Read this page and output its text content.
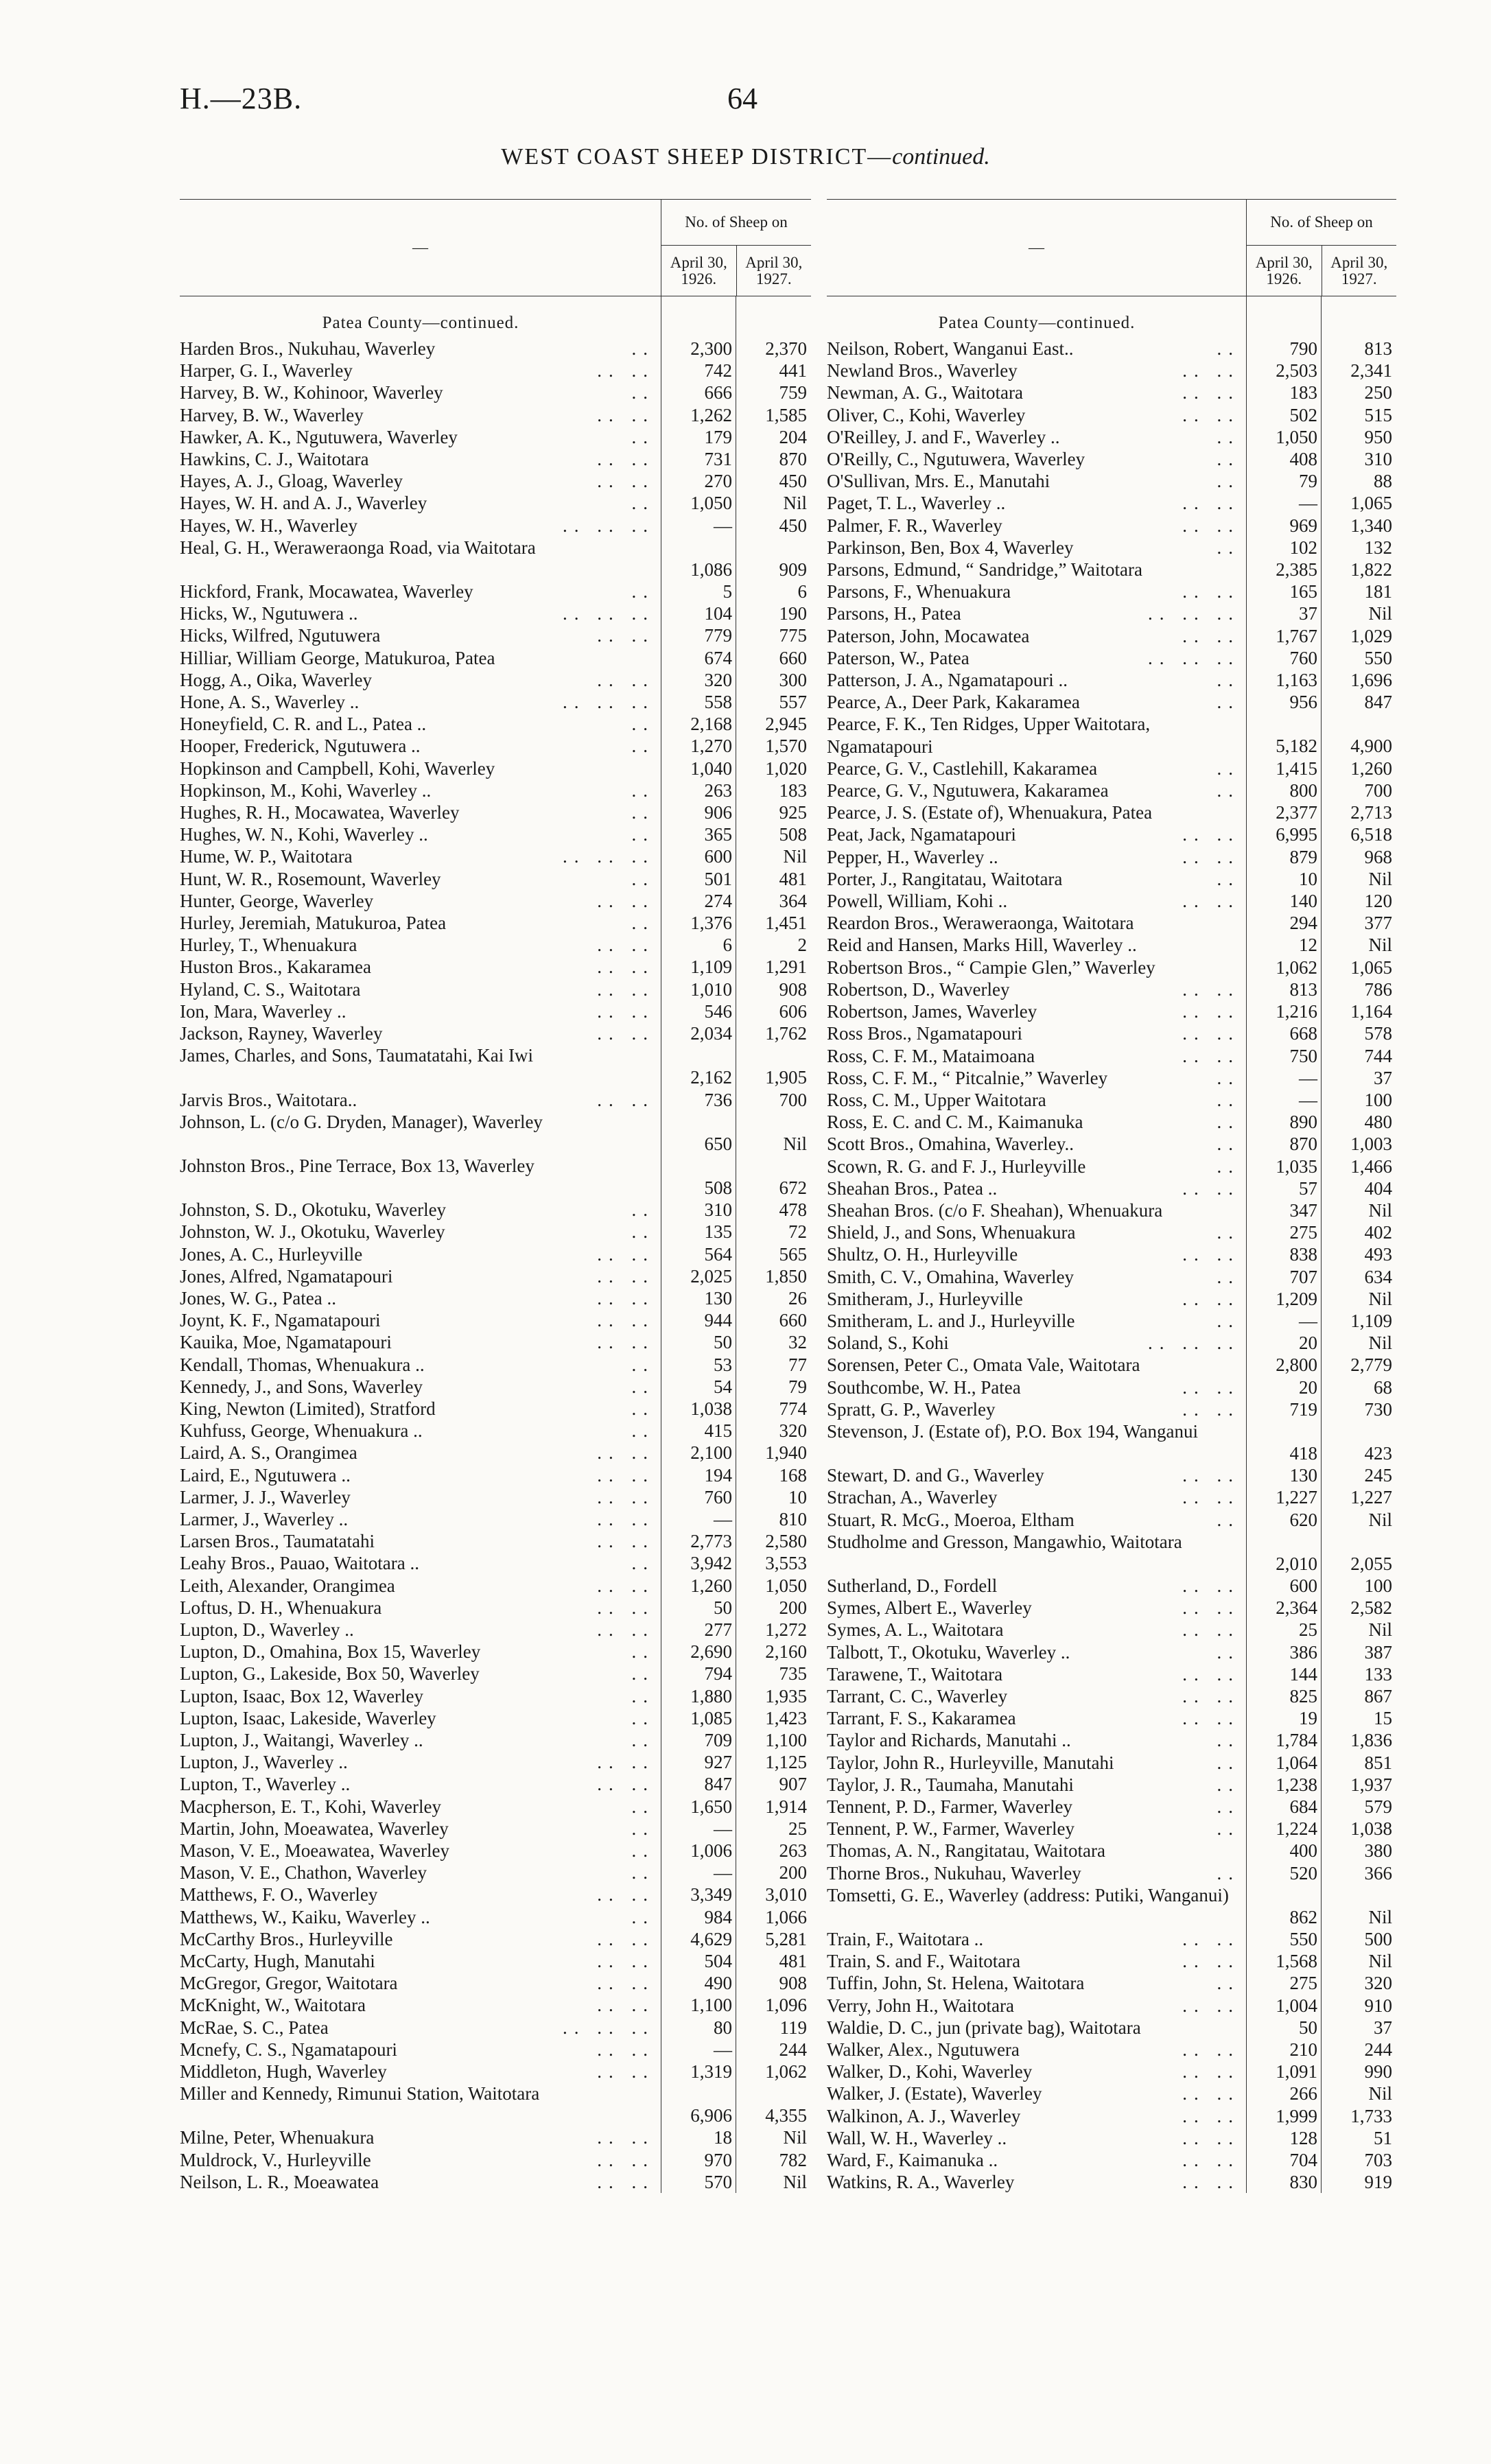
H.—23B.	64
WEST COAST SHEEP DISTRICT—continued.
—
No. of Sheep on
April 30, 1926.
April 30, 1927.
Patea County—continued.
Harden Bros., Nukuhau, Waverley	..	2,300	2,370
Harper, G. I., Waverley	.. ..	742	441
Harvey, B. W., Kohinoor, Waverley	..	666	759
Harvey, B. W., Waverley	.. ..	1,262	1,585
Hawker, A. K., Ngutuwera, Waverley	..	179	204
Hawkins, C. J., Waitotara	.. ..	731	870
Hayes, A. J., Gloag, Waverley	.. ..	270	450
Hayes, W. H. and A. J., Waverley	..	1,050	Nil
Hayes, W. H., Waverley	.. .. ..	—	450
Heal, G. H., Weraweraonga Road, via Waitotara
1,086	909
Hickford, Frank, Mocawatea, Waverley	..	5	6
Hicks, W., Ngutuwera ..	.. .. ..	104	190
Hicks, Wilfred, Ngutuwera	.. ..	779	775
Hilliar, William George, Matukuroa, Patea	674	660
Hogg, A., Oika, Waverley	.. ..	320	300
Hone, A. S., Waverley ..	.. .. ..	558	557
Honeyfield, C. R. and L., Patea ..	..	2,168	2,945
Hooper, Frederick, Ngutuwera ..	..	1,270	1,570
Hopkinson and Campbell, Kohi, Waverley	1,040	1,020
Hopkinson, M., Kohi, Waverley ..	..	263	183
Hughes, R. H., Mocawatea, Waverley	..	906	925
Hughes, W. N., Kohi, Waverley ..	..	365	508
Hume, W. P., Waitotara	.. .. ..	600	Nil
Hunt, W. R., Rosemount, Waverley	..	501	481
Hunter, George, Waverley	.. ..	274	364
Hurley, Jeremiah, Matukuroa, Patea	..	1,376	1,451
Hurley, T., Whenuakura	.. ..	6	2
Huston Bros., Kakaramea	.. ..	1,109	1,291
Hyland, C. S., Waitotara	.. ..	1,010	908
Ion, Mara, Waverley ..	.. ..	546	606
Jackson, Rayney, Waverley	.. ..	2,034	1,762
James, Charles, and Sons, Taumatatahi, Kai Iwi
2,162	1,905
Jarvis Bros., Waitotara..	.. ..	736	700
Johnson, L. (c/o G. Dryden, Manager), Waverley
650	Nil
Johnston Bros., Pine Terrace, Box 13, Waverley
508	672
Johnston, S. D., Okotuku, Waverley	..	310	478
Johnston, W. J., Okotuku, Waverley	..	135	72
Jones, A. C., Hurleyville	.. ..	564	565
Jones, Alfred, Ngamatapouri	.. ..	2,025	1,850
Jones, W. G., Patea ..	.. ..	130	26
Joynt, K. F., Ngamatapouri	.. ..	944	660
Kauika, Moe, Ngamatapouri	.. ..	50	32
Kendall, Thomas, Whenuakura ..	..	53	77
Kennedy, J., and Sons, Waverley	..	54	79
King, Newton (Limited), Stratford	..	1,038	774
Kuhfuss, George, Whenuakura ..	..	415	320
Laird, A. S., Orangimea	.. ..	2,100	1,940
Laird, E., Ngutuwera ..	.. ..	194	168
Larmer, J. J., Waverley	.. ..	760	10
Larmer, J., Waverley ..	.. ..	—	810
Larsen Bros., Taumatatahi	.. ..	2,773	2,580
Leahy Bros., Pauao, Waitotara ..	..	3,942	3,553
Leith, Alexander, Orangimea	.. ..	1,260	1,050
Loftus, D. H., Whenuakura	.. ..	50	200
Lupton, D., Waverley ..	.. ..	277	1,272
Lupton, D., Omahina, Box 15, Waverley	..	2,690	2,160
Lupton, G., Lakeside, Box 50, Waverley	..	794	735
Lupton, Isaac, Box 12, Waverley	..	1,880	1,935
Lupton, Isaac, Lakeside, Waverley	..	1,085	1,423
Lupton, J., Waitangi, Waverley ..	..	709	1,100
Lupton, J., Waverley ..	.. ..	927	1,125
Lupton, T., Waverley ..	.. ..	847	907
Macpherson, E. T., Kohi, Waverley	..	1,650	1,914
Martin, John, Moeawatea, Waverley	..	—	25
Mason, V. E., Moeawatea, Waverley	..	1,006	263
Mason, V. E., Chathon, Waverley	..	—	200
Matthews, F. O., Waverley	.. ..	3,349	3,010
Matthews, W., Kaiku, Waverley ..	..	984	1,066
McCarthy Bros., Hurleyville	.. ..	4,629	5,281
McCarty, Hugh, Manutahi	.. ..	504	481
McGregor, Gregor, Waitotara	.. ..	490	908
McKnight, W., Waitotara	.. ..	1,100	1,096
McRae, S. C., Patea	.. .. ..	80	119
Mcnefy, C. S., Ngamatapouri	.. ..	—	244
Middleton, Hugh, Waverley	.. ..	1,319	1,062
Miller and Kennedy, Rimunui Station, Waitotara
6,906	4,355
Milne, Peter, Whenuakura	.. ..	18	Nil
Muldrock, V., Hurleyville	.. ..	970	782
Neilson, L. R., Moeawatea	.. ..	570	Nil
—
No. of Sheep on
April 30, 1926.
April 30, 1927.
Patea County—continued.
Neilson, Robert, Wanganui East..	..	790	813
Newland Bros., Waverley	.. ..	2,503	2,341
Newman, A. G., Waitotara	.. ..	183	250
Oliver, C., Kohi, Waverley	.. ..	502	515
O'Reilley, J. and F., Waverley ..	..	1,050	950
O'Reilly, C., Ngutuwera, Waverley	..	408	310
O'Sullivan, Mrs. E., Manutahi	..	79	88
Paget, T. L., Waverley ..	.. ..	—	1,065
Palmer, F. R., Waverley	.. ..	969	1,340
Parkinson, Ben, Box 4, Waverley	..	102	132
Parsons, Edmund, “ Sandridge,” Waitotara	2,385	1,822
Parsons, F., Whenuakura	.. ..	165	181
Parsons, H., Patea	.. .. ..	37	Nil
Paterson, John, Mocawatea	.. ..	1,767	1,029
Paterson, W., Patea	.. .. ..	760	550
Patterson, J. A., Ngamatapouri ..	..	1,163	1,696
Pearce, A., Deer Park, Kakaramea	..	956	847
Pearce, F. K., Ten Ridges, Upper Waitotara, Ngamatapouri	5,182	4,900
Pearce, G. V., Castlehill, Kakaramea	..	1,415	1,260
Pearce, G. V., Ngutuwera, Kakaramea	..	800	700
Pearce, J. S. (Estate of), Whenuakura, Patea	2,377	2,713
Peat, Jack, Ngamatapouri	.. ..	6,995	6,518
Pepper, H., Waverley ..	.. ..	879	968
Porter, J., Rangitatau, Waitotara	..	10	Nil
Powell, William, Kohi ..	.. ..	140	120
Reardon Bros., Weraweraonga, Waitotara	294	377
Reid and Hansen, Marks Hill, Waverley ..	12	Nil
Robertson Bros., “ Campie Glen,” Waverley	1,062	1,065
Robertson, D., Waverley	.. ..	813	786
Robertson, James, Waverley	.. ..	1,216	1,164
Ross Bros., Ngamatapouri	.. ..	668	578
Ross, C. F. M., Mataimoana	.. ..	750	744
Ross, C. F. M., “ Pitcalnie,” Waverley	..	—	37
Ross, C. M., Upper Waitotara	..	—	100
Ross, E. C. and C. M., Kaimanuka	..	890	480
Scott Bros., Omahina, Waverley..	..	870	1,003
Scown, R. G. and F. J., Hurleyville	..	1,035	1,466
Sheahan Bros., Patea ..	.. ..	57	404
Sheahan Bros. (c/o F. Sheahan), Whenuakura	347	Nil
Shield, J., and Sons, Whenuakura	..	275	402
Shultz, O. H., Hurleyville	.. ..	838	493
Smith, C. V., Omahina, Waverley	..	707	634
Smitheram, J., Hurleyville	.. ..	1,209	Nil
Smitheram, L. and J., Hurleyville	..	—	1,109
Soland, S., Kohi	.. .. ..	20	Nil
Sorensen, Peter C., Omata Vale, Waitotara	2,800	2,779
Southcombe, W. H., Patea	.. ..	20	68
Spratt, G. P., Waverley	.. ..	719	730
Stevenson, J. (Estate of), P.O. Box 194, Wanganui
418	423
Stewart, D. and G., Waverley	.. ..	130	245
Strachan, A., Waverley	.. ..	1,227	1,227
Stuart, R. McG., Moeroa, Eltham	..	620	Nil
Studholme and Gresson, Mangawhio, Waitotara
2,010	2,055
Sutherland, D., Fordell	.. ..	600	100
Symes, Albert E., Waverley	.. ..	2,364	2,582
Symes, A. L., Waitotara	.. ..	25	Nil
Talbott, T., Okotuku, Waverley ..	..	386	387
Tarawene, T., Waitotara	.. ..	144	133
Tarrant, C. C., Waverley	.. ..	825	867
Tarrant, F. S., Kakaramea	.. ..	19	15
Taylor and Richards, Manutahi ..	..	1,784	1,836
Taylor, John R., Hurleyville, Manutahi	..	1,064	851
Taylor, J. R., Taumaha, Manutahi	..	1,238	1,937
Tennent, P. D., Farmer, Waverley	..	684	579
Tennent, P. W., Farmer, Waverley	..	1,224	1,038
Thomas, A. N., Rangitatau, Waitotara	400	380
Thorne Bros., Nukuhau, Waverley	..	520	366
Tomsetti, G. E., Waverley (address: Putiki, Wanganui)
862	Nil
Train, F., Waitotara ..	.. ..	550	500
Train, S. and F., Waitotara	.. ..	1,568	Nil
Tuffin, John, St. Helena, Waitotara	..	275	320
Verry, John H., Waitotara	.. ..	1,004	910
Waldie, D. C., jun (private bag), Waitotara	50	37
Walker, Alex., Ngutuwera	.. ..	210	244
Walker, D., Kohi, Waverley	.. ..	1,091	990
Walker, J. (Estate), Waverley	.. ..	266	Nil
Walkinon, A. J., Waverley	.. ..	1,999	1,733
Wall, W. H., Waverley ..	.. ..	128	51
Ward, F., Kaimanuka ..	.. ..	704	703
Watkins, R. A., Waverley	.. ..	830	919
